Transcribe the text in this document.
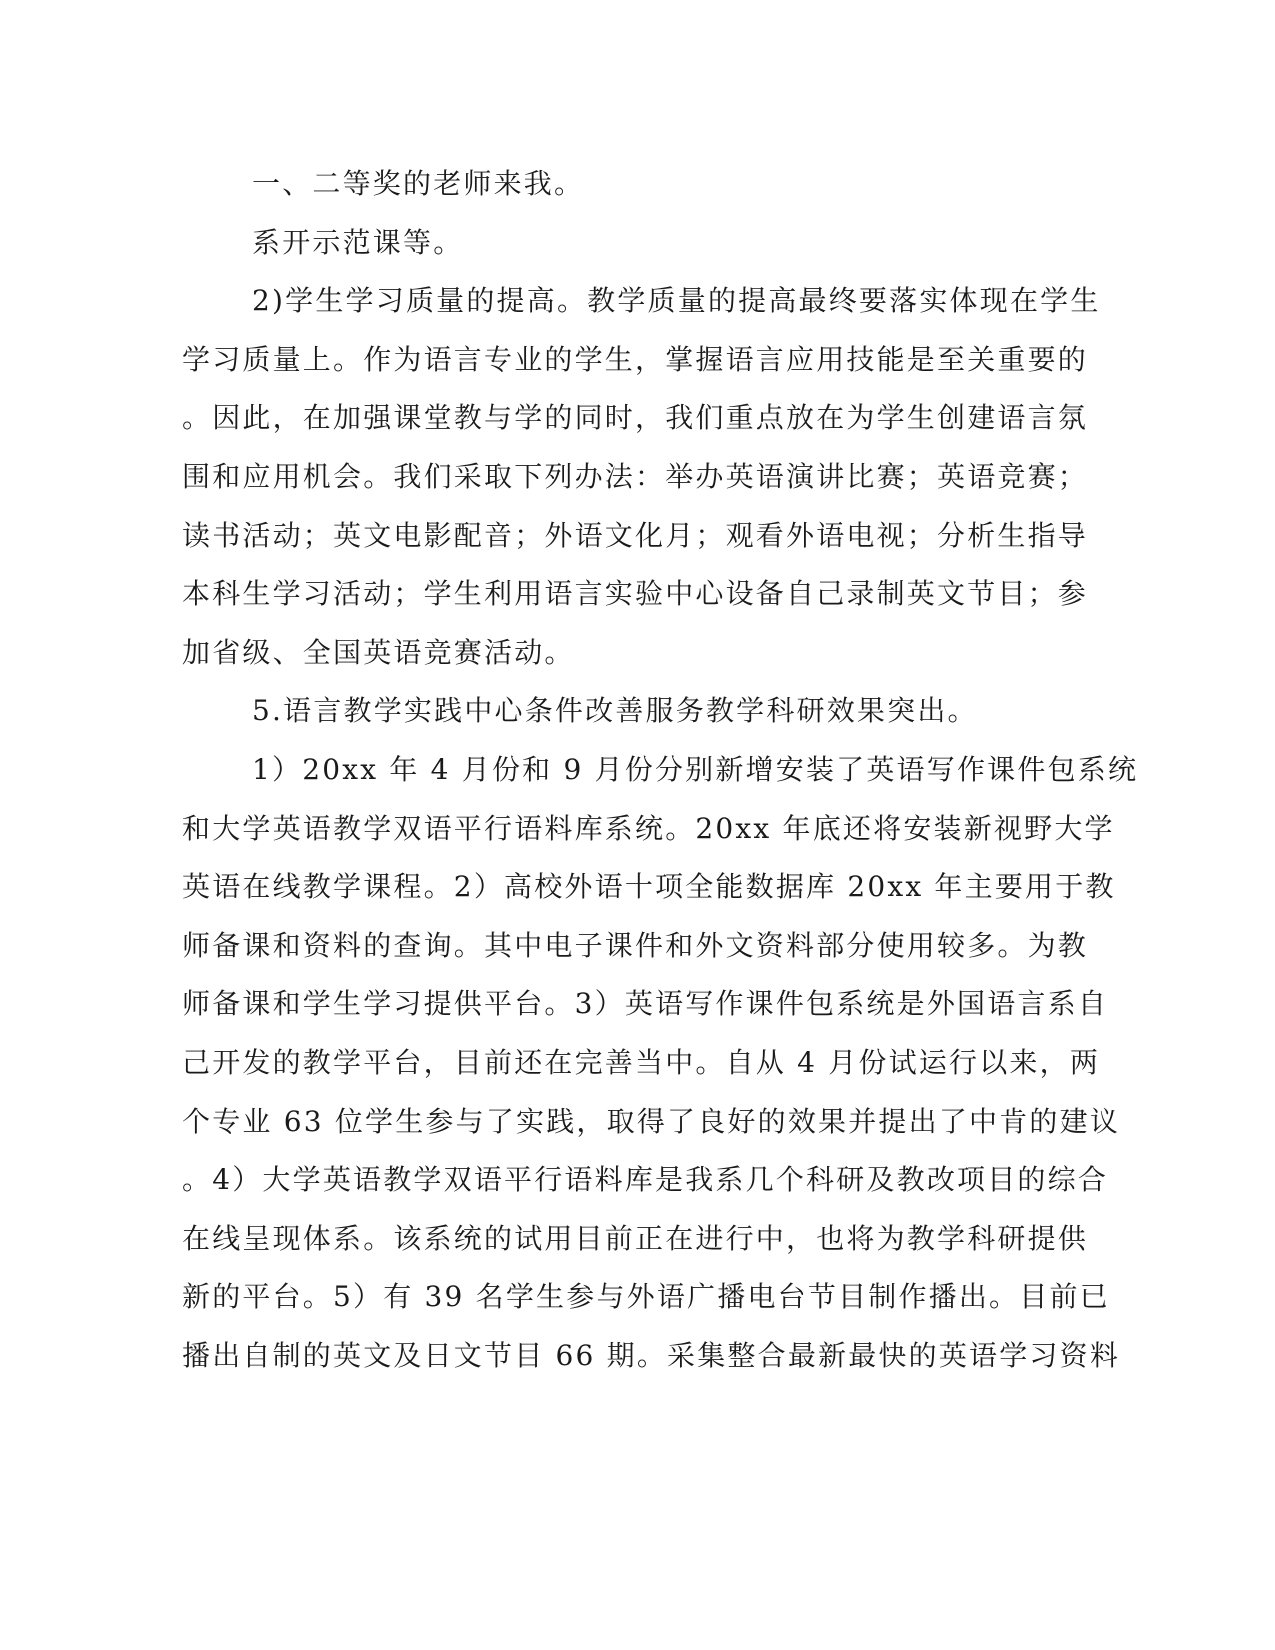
一、二等奖的老师来我。
系开示范课等。
2)学生学习质量的提高。教学质量的提高最终要落实体现在学生
学习质量上。作为语言专业的学生，掌握语言应用技能是至关重要的
。因此，在加强课堂教与学的同时，我们重点放在为学生创建语言氛
围和应用机会。我们采取下列办法：举办英语演讲比赛；英语竞赛；
读书活动；英文电影配音；外语文化月；观看外语电视；分析生指导
本科生学习活动；学生利用语言实验中心设备自己录制英文节目；参
加省级、全国英语竞赛活动。
5.语言教学实践中心条件改善服务教学科研效果突出。
1）20xx 年 4 月份和 9 月份分别新增安装了英语写作课件包系统
和大学英语教学双语平行语料库系统。20xx 年底还将安装新视野大学
英语在线教学课程。2）高校外语十项全能数据库 20xx 年主要用于教
师备课和资料的查询。其中电子课件和外文资料部分使用较多。为教
师备课和学生学习提供平台。3）英语写作课件包系统是外国语言系自
己开发的教学平台，目前还在完善当中。自从 4 月份试运行以来，两
个专业 63 位学生参与了实践，取得了良好的效果并提出了中肯的建议
。4）大学英语教学双语平行语料库是我系几个科研及教改项目的综合
在线呈现体系。该系统的试用目前正在进行中，也将为教学科研提供
新的平台。5）有 39 名学生参与外语广播电台节目制作播出。目前已
播出自制的英文及日文节目 66 期。采集整合最新最快的英语学习资料
